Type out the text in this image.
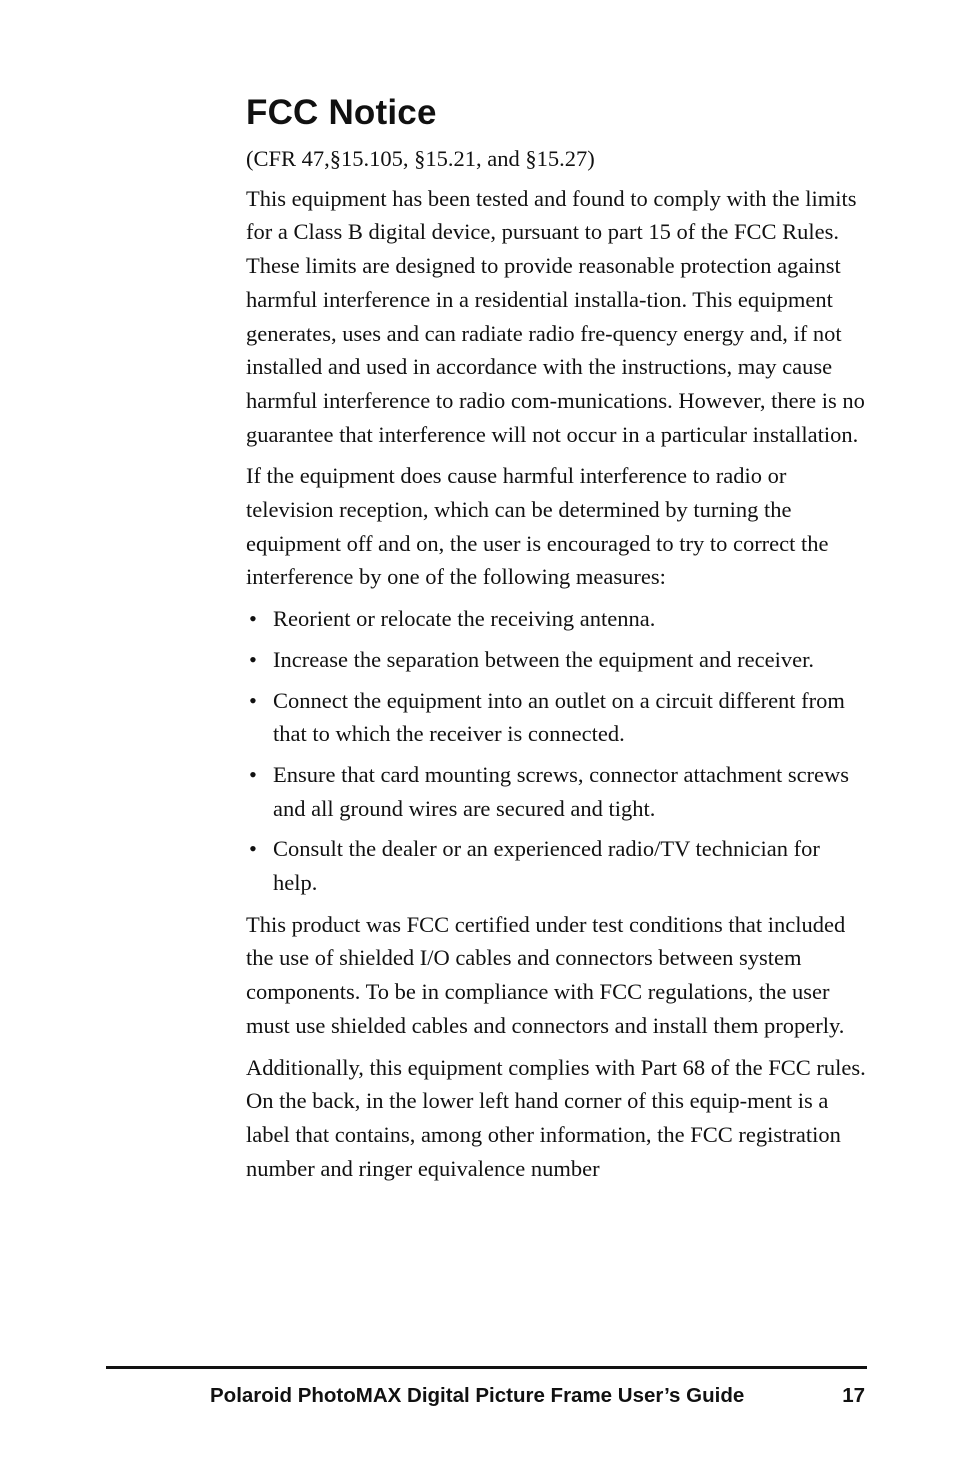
FCC Notice

(CFR 47,§15.105, §15.21, and §15.27)

This equipment has been tested and found to comply with the limits for a Class B digital device, pursuant to part 15 of the FCC Rules. These limits are designed to provide reasonable protection against harmful interference in a residential installa-tion. This equipment generates, uses and can radiate radio fre-quency energy and, if not installed and used in accordance with the instructions, may cause harmful interference to radio com-munications. However, there is no guarantee that interference will not occur in a particular installation.

If the equipment does cause harmful interference to radio or television reception, which can be determined by turning the equipment off and on, the user is encouraged to try to correct the interference by one of the following measures:

• Reorient or relocate the receiving antenna.
• Increase the separation between the equipment and receiver.
• Connect the equipment into an outlet on a circuit different from that to which the receiver is connected.
• Ensure that card mounting screws, connector attachment screws and all ground wires are secured and tight.
• Consult the dealer or an experienced radio/TV technician for help.

This product was FCC certified under test conditions that included the use of shielded I/O cables and connectors between system components. To be in compliance with FCC regulations, the user must use shielded cables and connectors and install them properly.

Additionally, this equipment complies with Part 68 of the FCC rules. On the back, in the lower left hand corner of this equip-ment is a label that contains, among other information, the FCC registration number and ringer equivalence number

Polaroid PhotoMAX Digital Picture Frame User’s Guide	17
